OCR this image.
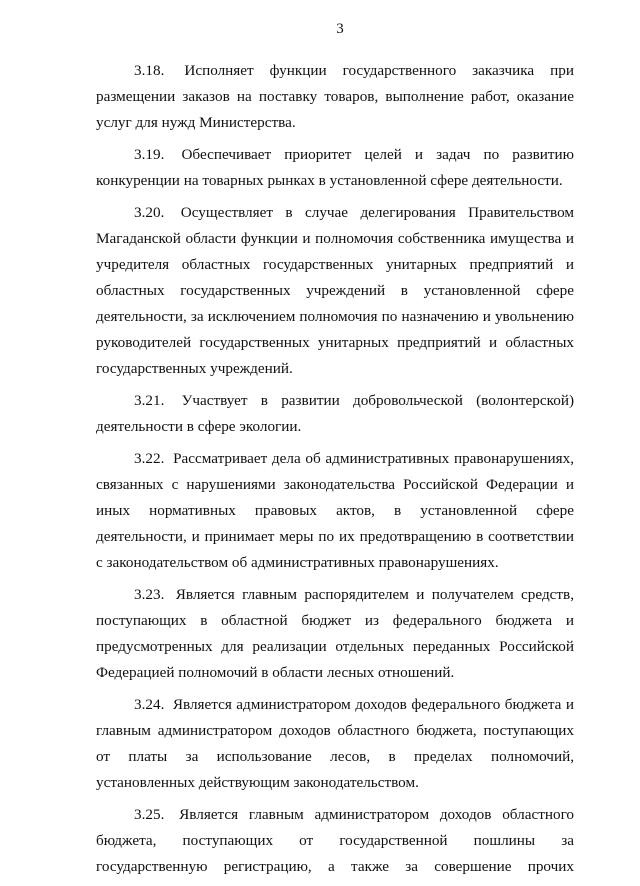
3

3.18. Исполняет функции государственного заказчика при размещении заказов на поставку товаров, выполнение работ, оказание услуг для нужд Министерства.

3.19. Обеспечивает приоритет целей и задач по развитию конкуренции на товарных рынках в установленной сфере деятельности.

3.20. Осуществляет в случае делегирования Правительством Магаданской области функции и полномочия собственника имущества и учредителя областных государственных унитарных предприятий и областных государственных учреждений в установленной сфере деятельности, за исключением полномочия по назначению и увольнению руководителей государственных унитарных предприятий и областных государственных учреждений.

3.21. Участвует в развитии добровольческой (волонтерской) деятельности в сфере экологии.

3.22. Рассматривает дела об административных правонарушениях, связанных с нарушениями законодательства Российской Федерации и иных нормативных правовых актов, в установленной сфере деятельности, и принимает меры по их предотвращению в соответствии с законодательством об административных правонарушениях.

3.23. Является главным распорядителем и получателем средств, поступающих в областной бюджет из федерального бюджета и предусмотренных для реализации отдельных переданных Российской Федерацией полномочий в области лесных отношений.

3.24. Является администратором доходов федерального бюджета и главным администратором доходов областного бюджета, поступающих от платы за использование лесов, в пределах полномочий, установленных действующим законодательством.

3.25. Является главным администратором доходов областного бюджета, поступающих от государственной пошлины за государственную регистрацию, а также за совершение прочих
